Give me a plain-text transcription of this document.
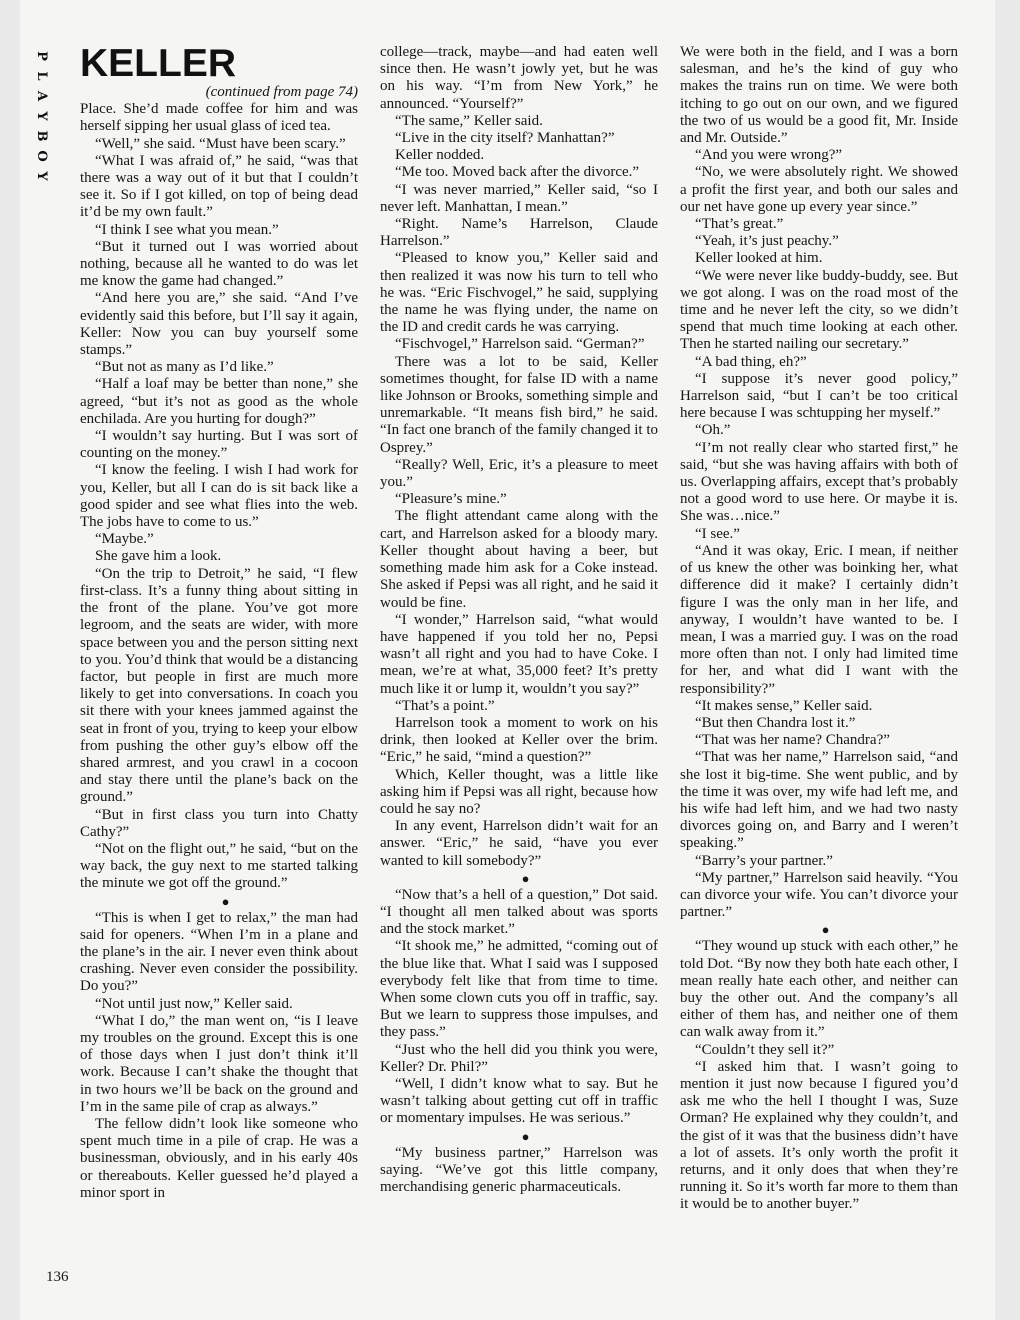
P
L
A
Y
B
O
Y
KELLER

(continued from page 74)

Place. She’d made coffee for him and was herself sipping her usual glass of iced tea.

“Well,” she said. “Must have been scary.”

“What I was afraid of,” he said, “was that there was a way out of it but that I couldn’t see it. So if I got killed, on top of being dead it’d be my own fault.”

“I think I see what you mean.”

“But it turned out I was worried about nothing, because all he wanted to do was let me know the game had changed.”

“And here you are,” she said. “And I’ve evidently said this before, but I’ll say it again, Keller: Now you can buy yourself some stamps.”

“But not as many as I’d like.”

“Half a loaf may be better than none,” she agreed, “but it’s not as good as the whole enchilada. Are you hurting for dough?”

“I wouldn’t say hurting. But I was sort of counting on the money.”

“I know the feeling. I wish I had work for you, Keller, but all I can do is sit back like a good spider and see what flies into the web. The jobs have to come to us.”

“Maybe.”

She gave him a look.

“On the trip to Detroit,” he said, “I flew first-class. It’s a funny thing about sitting in the front of the plane. You’ve got more legroom, and the seats are wider, with more space between you and the person sitting next to you. You’d think that would be a distancing factor, but people in first are much more likely to get into conversations. In coach you sit there with your knees jammed against the seat in front of you, trying to keep your elbow from pushing the other guy’s elbow off the shared armrest, and you crawl in a cocoon and stay there until the plane’s back on the ground.”

“But in first class you turn into Chatty Cathy?”

“Not on the flight out,” he said, “but on the way back, the guy next to me started talking the minute we got off the ground.”

●

“This is when I get to relax,” the man had said for openers. “When I’m in a plane and the plane’s in the air. I never even think about crashing. Never even consider the possibility. Do you?”

“Not until just now,” Keller said.

“What I do,” the man went on, “is I leave my troubles on the ground. Except this is one of those days when I just don’t think it’ll work. Because I can’t shake the thought that in two hours we’ll be back on the ground and I’m in the same pile of crap as always.”

The fellow didn’t look like someone who spent much time in a pile of crap. He was a businessman, obviously, and in his early 40s or thereabouts. Keller guessed he’d played a minor sport in

college—track, maybe—and had eaten well since then. He wasn’t jowly yet, but he was on his way. “I’m from New York,” he announced. “Yourself?”

“The same,” Keller said.

“Live in the city itself? Manhattan?”

Keller nodded.

“Me too. Moved back after the divorce.”

“I was never married,” Keller said, “so I never left. Manhattan, I mean.”

“Right. Name’s Harrelson, Claude Harrelson.”

“Pleased to know you,” Keller said and then realized it was now his turn to tell who he was. “Eric Fischvogel,” he said, supplying the name he was flying under, the name on the ID and credit cards he was carrying.

“Fischvogel,” Harrelson said. “German?”

There was a lot to be said, Keller sometimes thought, for false ID with a name like Johnson or Brooks, something simple and unremarkable. “It means fish bird,” he said. “In fact one branch of the family changed it to Osprey.”

“Really? Well, Eric, it’s a pleasure to meet you.”

“Pleasure’s mine.”

The flight attendant came along with the cart, and Harrelson asked for a bloody mary. Keller thought about having a beer, but something made him ask for a Coke instead. She asked if Pepsi was all right, and he said it would be fine.

“I wonder,” Harrelson said, “what would have happened if you told her no, Pepsi wasn’t all right and you had to have Coke. I mean, we’re at what, 35,000 feet? It’s pretty much like it or lump it, wouldn’t you say?”

“That’s a point.”

Harrelson took a moment to work on his drink, then looked at Keller over the brim. “Eric,” he said, “mind a question?”

Which, Keller thought, was a little like asking him if Pepsi was all right, because how could he say no?

In any event, Harrelson didn’t wait for an answer. “Eric,” he said, “have you ever wanted to kill somebody?”

●

“Now that’s a hell of a question,” Dot said. “I thought all men talked about was sports and the stock market.”

“It shook me,” he admitted, “coming out of the blue like that. What I said was I supposed everybody felt like that from time to time. When some clown cuts you off in traffic, say. But we learn to suppress those impulses, and they pass.”

“Just who the hell did you think you were, Keller? Dr. Phil?”

“Well, I didn’t know what to say. But he wasn’t talking about getting cut off in traffic or momentary impulses. He was serious.”

●

“My business partner,” Harrelson was saying. “We’ve got this little company, merchandising generic pharmaceuticals.

We were both in the field, and I was a born salesman, and he’s the kind of guy who makes the trains run on time. We were both itching to go out on our own, and we figured the two of us would be a good fit, Mr. Inside and Mr. Outside.”

“And you were wrong?”

“No, we were absolutely right. We showed a profit the first year, and both our sales and our net have gone up every year since.”

“That’s great.”

“Yeah, it’s just peachy.”

Keller looked at him.

“We were never like buddy-buddy, see. But we got along. I was on the road most of the time and he never left the city, so we didn’t spend that much time looking at each other. Then he started nailing our secretary.”

“A bad thing, eh?”

“I suppose it’s never good policy,” Harrelson said, “but I can’t be too critical here because I was schtupping her myself.”

“Oh.”

“I’m not really clear who started first,” he said, “but she was having affairs with both of us. Overlapping affairs, except that’s probably not a good word to use here. Or maybe it is. She was…nice.”

“I see.”

“And it was okay, Eric. I mean, if neither of us knew the other was boinking her, what difference did it make? I certainly didn’t figure I was the only man in her life, and anyway, I wouldn’t have wanted to be. I mean, I was a married guy. I was on the road more often than not. I only had limited time for her, and what did I want with the responsibility?”

“It makes sense,” Keller said.

“But then Chandra lost it.”

“That was her name? Chandra?”

“That was her name,” Harrelson said, “and she lost it big-time. She went public, and by the time it was over, my wife had left me, and his wife had left him, and we had two nasty divorces going on, and Barry and I weren’t speaking.”

“Barry’s your partner.”

“My partner,” Harrelson said heavily. “You can divorce your wife. You can’t divorce your partner.”

●

“They wound up stuck with each other,” he told Dot. “By now they both hate each other, I mean really hate each other, and neither can buy the other out. And the company’s all either of them has, and neither one of them can walk away from it.”

“Couldn’t they sell it?”

“I asked him that. I wasn’t going to mention it just now because I figured you’d ask me who the hell I thought I was, Suze Orman? He explained why they couldn’t, and the gist of it was that the business didn’t have a lot of assets. It’s only worth the profit it returns, and it only does that when they’re running it. So it’s worth far more to them than it would be to another buyer.”

136
